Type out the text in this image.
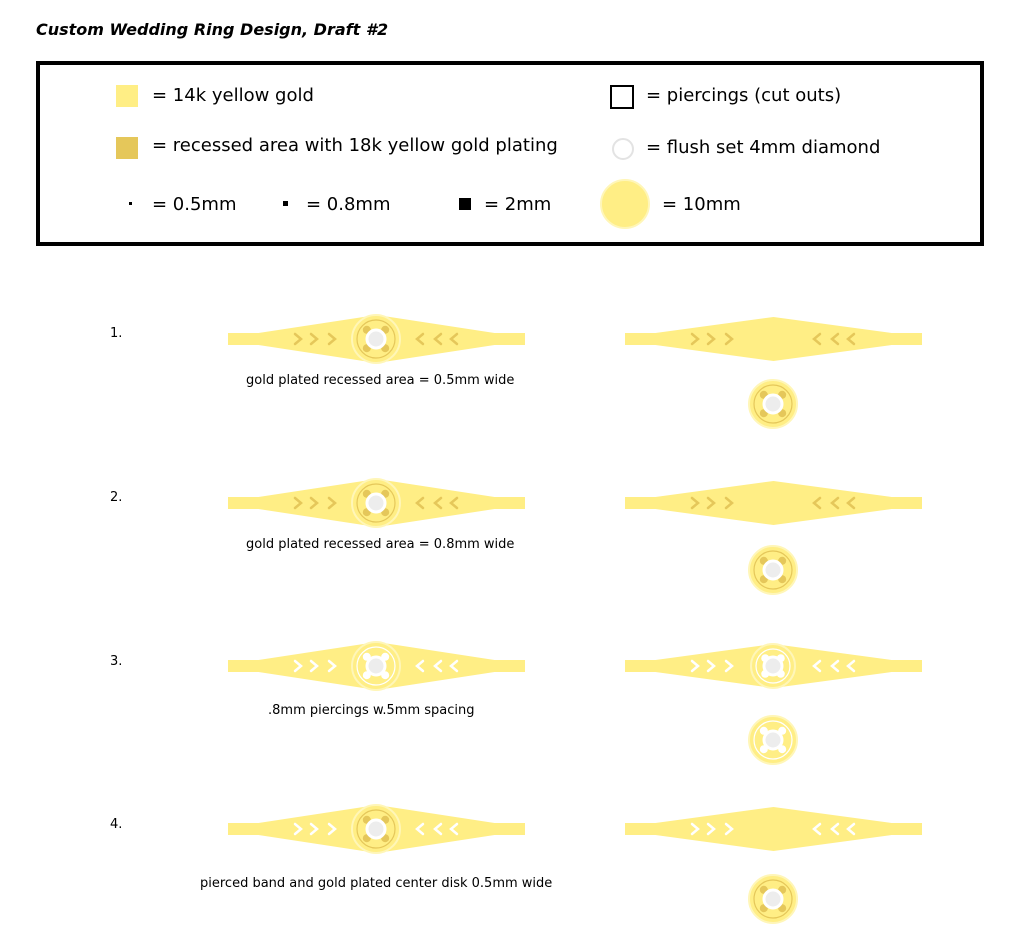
Custom Wedding Ring Design, Draft #2
= 14k yellow gold	= piercings (cut outs)
= recessed area with 18k yellow gold plating	= flush set 4mm diamond
= 0.5mm	= 0.8mm	= 2mm	= 10mm
1.
2.
3.
4.
gold plated recessed area = 0.5mm wide
gold plated recessed area = 0.8mm wide
.8mm piercings w.5mm spacing
pierced band and gold plated center disk 0.5mm wide
